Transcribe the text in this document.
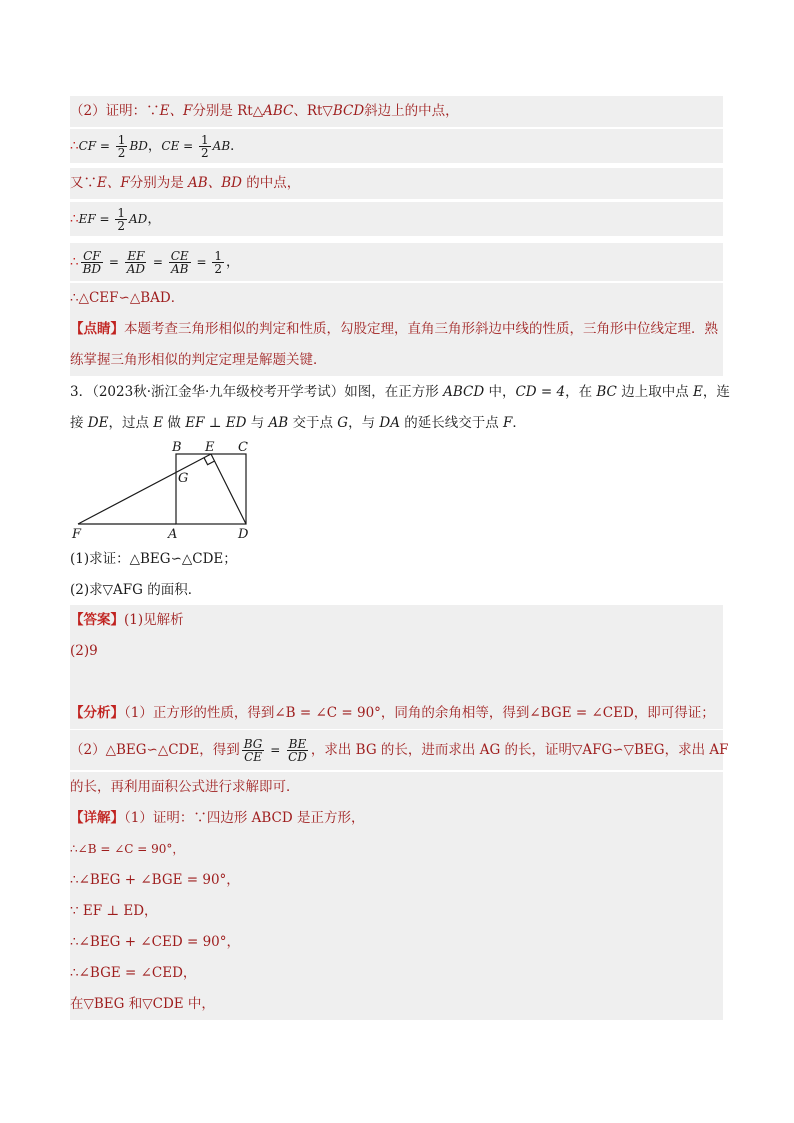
（2）证明：∵E、F分别是 Rt△ABC、Rt▽BCD斜边上的中点，
∴CF = $\frac{1}{2}$ BD，CE = $\frac{1}{2}$ AB．
又∵E、F分别为是 AB、BD 的中点，
∴EF = $\frac{1}{2}$ AD，
∴ $\frac{CF}{BD} = \frac{EF}{AD} = \frac{CE}{AB} = \frac{1}{2}$ ，
∴△CEF∽△BAD．
【点睛】本题考查三角形相似的判定和性质，勾股定理，直角三角形斜边中线的性质，三角形中位线定理．熟
练掌握三角形相似的判定定理是解题关键．
3．（2023秋·浙江金华·九年级校考开学考试）如图，在正方形 ABCD 中，CD = 4，在 BC 边上取中点 E，连
接 DE，过点 E 做 EF ⊥ ED 与 AB 交于点 G，与 DA 的延长线交于点 F．
B E C
G
F	A	D
(1)求证：△BEG∽△CDE；
(2)求▽AFG 的面积．
【答案】(1)见解析
(2)9
【分析】（1）正方形的性质，得到∠B = ∠C = 90°，同角的余角相等，得到∠BGE = ∠CED，即可得证；
（2）△BEG∽△CDE，得到 $\frac{BG}{CE} = \frac{BE}{CD}$ ，求出 BG 的长，进而求出 AG 的长，证明▽AFG∽▽BEG，求出 AF
的长，再利用面积公式进行求解即可．
【详解】（1）证明：∵四边形 ABCD 是正方形，
∴∠B = ∠C = 90°，
∴∠BEG + ∠BGE = 90°，
∵ EF ⊥ ED，
∴∠BEG + ∠CED = 90°，
∴∠BGE = ∠CED，
在▽BEG 和▽CDE 中，
